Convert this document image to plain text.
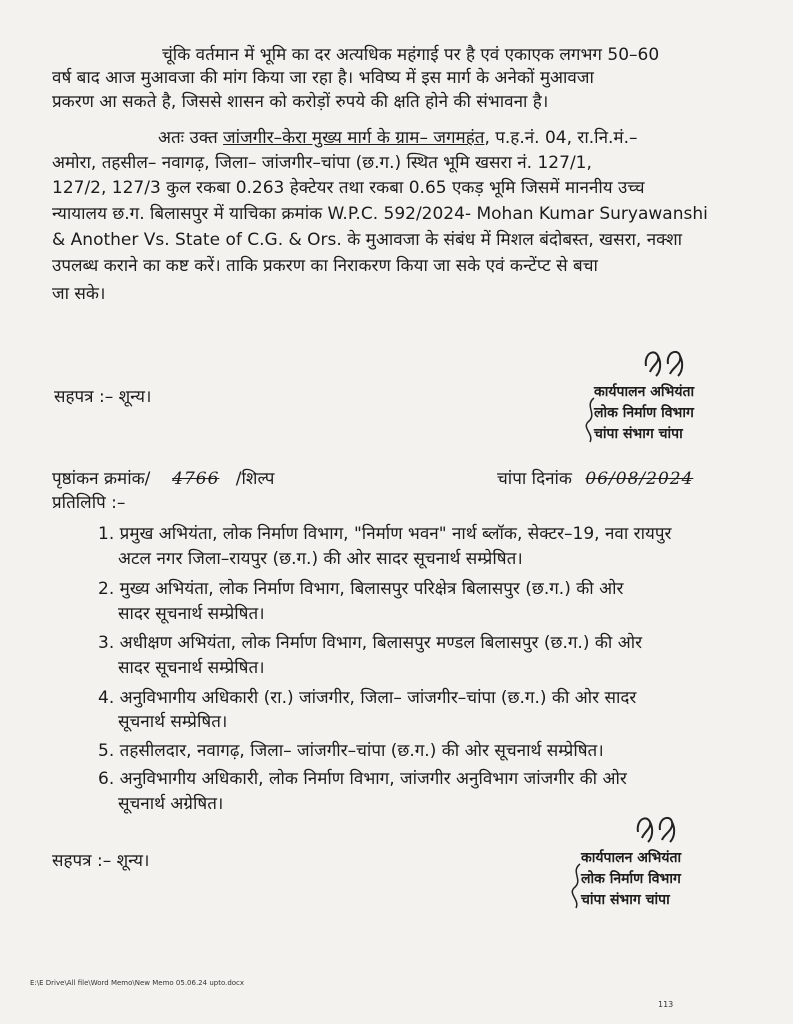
चूंकि वर्तमान में भूमि का दर अत्यधिक महंगाई पर है एवं एकाएक लगभग 50–60
वर्ष बाद आज मुआवजा की मांग किया जा रहा है। भविष्य में इस मार्ग के अनेकों मुआवजा
प्रकरण आ सकते है, जिससे शासन को करोड़ों रुपये की क्षति होने की संभावना है।
अतः उक्त जांजगीर–केरा मुख्य मार्ग के ग्राम– जगमहंत, प.ह.नं. 04, रा.नि.मं.–
अमोरा, तहसील– नवागढ़, जिला– जांजगीर–चांपा (छ.ग.) स्थित भूमि खसरा नं. 127/1,
127/2, 127/3 कुल रकबा 0.263 हेक्टेयर तथा रकबा 0.65 एकड़ भूमि जिसमें माननीय उच्च
न्यायालय छ.ग. बिलासपुर में याचिका क्रमांक W.P.C. 592/2024- Mohan Kumar Suryawanshi
& Another Vs. State of C.G. & Ors. के मुआवजा के संबंध में मिशल बंदोबस्त, खसरा, नक्शा
उपलब्ध कराने का कष्ट करें। ताकि प्रकरण का निराकरण किया जा सके एवं कन्टेंप्ट से बचा
जा सके।
सहपत्र :– शून्य।	कार्यपालन अभियंता
लोक निर्माण विभाग
चांपा संभाग चांपा
पृष्ठांकन क्रमांक/ 4766 /शिल्प	चांपा दिनांक 06/08/2024
प्रतिलिपि :–
1. प्रमुख अभियंता, लोक निर्माण विभाग, "निर्माण भवन" नार्थ ब्लॉक, सेक्टर–19, नवा रायपुर
अटल नगर जिला–रायपुर (छ.ग.) की ओर सादर सूचनार्थ सम्प्रेषित।
2. मुख्य अभियंता, लोक निर्माण विभाग, बिलासपुर परिक्षेत्र बिलासपुर (छ.ग.) की ओर
सादर सूचनार्थ सम्प्रेषित।
3. अधीक्षण अभियंता, लोक निर्माण विभाग, बिलासपुर मण्डल बिलासपुर (छ.ग.) की ओर
सादर सूचनार्थ सम्प्रेषित।
4. अनुविभागीय अधिकारी (रा.) जांजगीर, जिला– जांजगीर–चांपा (छ.ग.) की ओर सादर
सूचनार्थ सम्प्रेषित।
5. तहसीलदार, नवागढ़, जिला– जांजगीर–चांपा (छ.ग.) की ओर सूचनार्थ सम्प्रेषित।
6. अनुविभागीय अधिकारी, लोक निर्माण विभाग, जांजगीर अनुविभाग जांजगीर की ओर
सूचनार्थ अग्रेषित।
सहपत्र :– शून्य।	कार्यपालन अभियंता
लोक निर्माण विभाग
चांपा संभाग चांपा
E:\E Drive\All file\Word Memo\New Memo 05.06.24 upto.docx
113
